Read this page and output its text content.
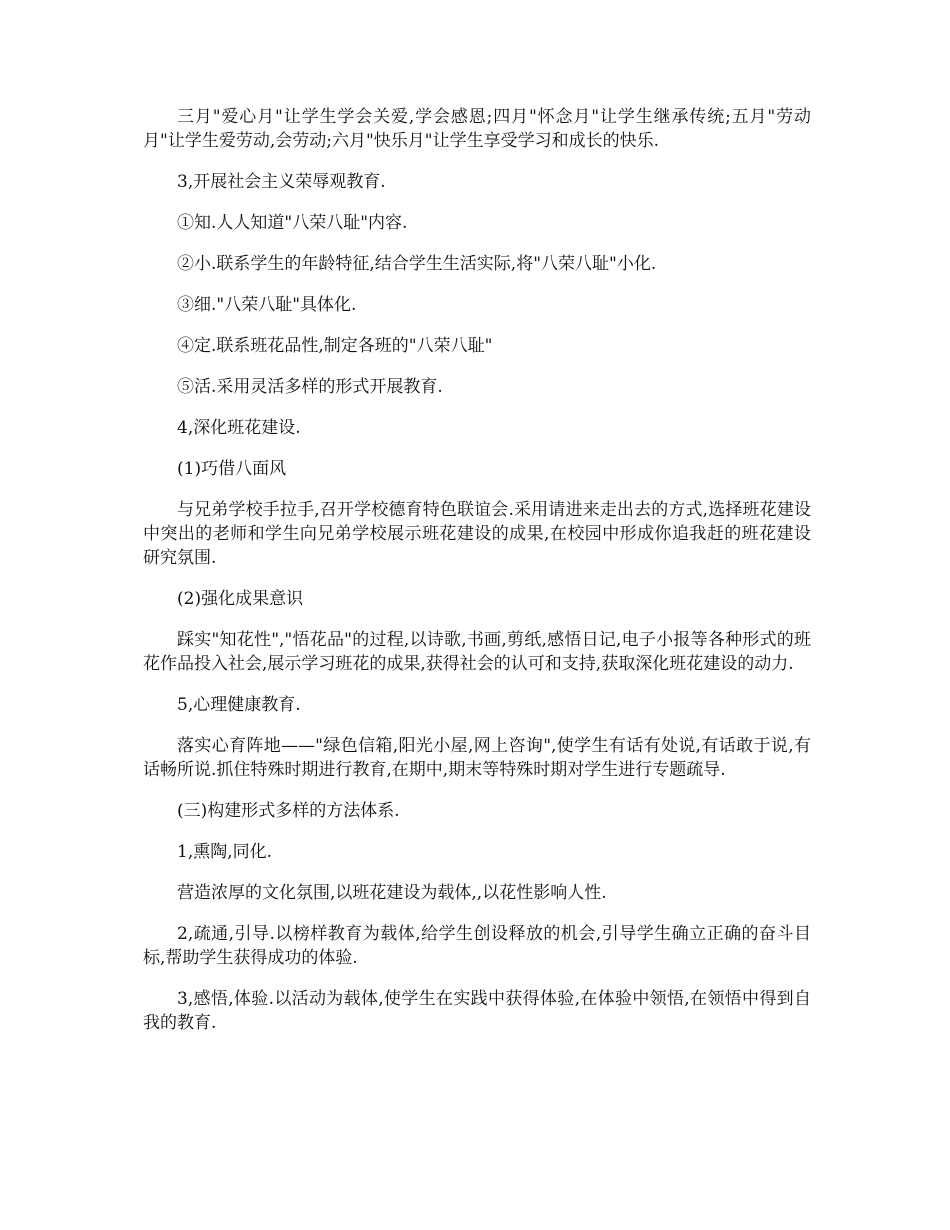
三月"爱心月"让学生学会关爱,学会感恩;四月"怀念月"让学生继承传统;五月"劳动月"让学生爱劳动,会劳动;六月"快乐月"让学生享受学习和成长的快乐.

3,开展社会主义荣辱观教育.

①知.人人知道"八荣八耻"内容.

②小.联系学生的年龄特征,结合学生生活实际,将"八荣八耻"小化.

③细."八荣八耻"具体化.

④定.联系班花品性,制定各班的"八荣八耻"

⑤活.采用灵活多样的形式开展教育.

4,深化班花建设.

(1)巧借八面风

与兄弟学校手拉手,召开学校德育特色联谊会.采用请进来走出去的方式,选择班花建设中突出的老师和学生向兄弟学校展示班花建设的成果,在校园中形成你追我赶的班花建设研究氛围.

(2)强化成果意识

踩实"知花性","悟花品"的过程,以诗歌,书画,剪纸,感悟日记,电子小报等各种形式的班花作品投入社会,展示学习班花的成果,获得社会的认可和支持,获取深化班花建设的动力.

5,心理健康教育.

落实心育阵地——"绿色信箱,阳光小屋,网上咨询",使学生有话有处说,有话敢于说,有话畅所说.抓住特殊时期进行教育,在期中,期末等特殊时期对学生进行专题疏导.

(三)构建形式多样的方法体系.

1,熏陶,同化.

营造浓厚的文化氛围,以班花建设为载体,,以花性影响人性.

2,疏通,引导.以榜样教育为载体,给学生创设释放的机会,引导学生确立正确的奋斗目标,帮助学生获得成功的体验.

3,感悟,体验.以活动为载体,使学生在实践中获得体验,在体验中领悟,在领悟中得到自我的教育.
